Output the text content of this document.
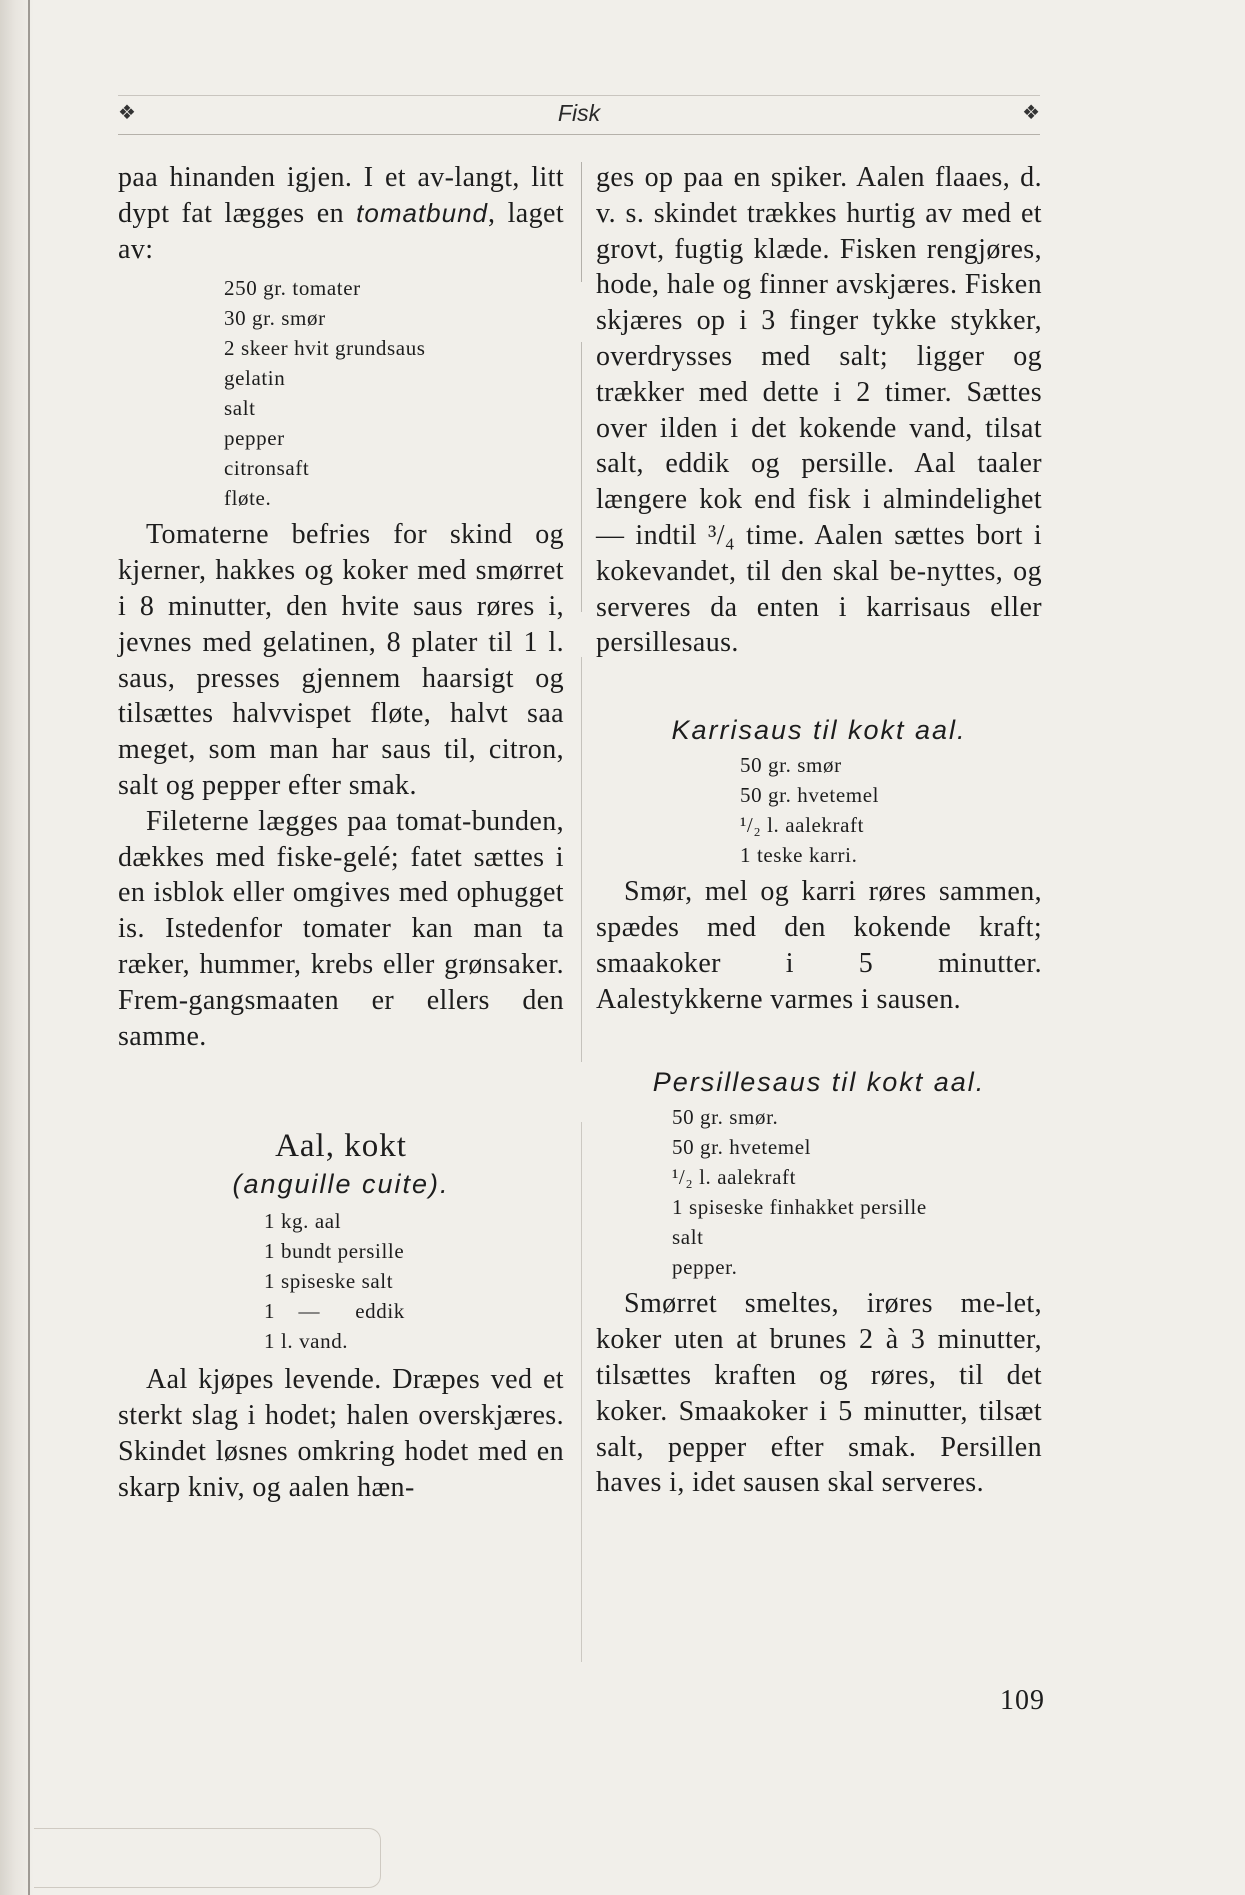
❖	Fisk	❖

paa hinanden igjen. I et av-langt, litt dypt fat lægges en tomatbund, laget av:

250 gr. tomater
30 gr. smør
2 skeer hvit grundsaus
gelatin
salt
pepper
citronsaft
fløte.

Tomaterne befries for skind og kjerner, hakkes og koker med smørret i 8 minutter, den hvite saus røres i, jevnes med gelatinen, 8 plater til 1 l. saus, presses gjennem haarsigt og tilsættes halvvispet fløte, halvt saa meget, som man har saus til, citron, salt og pepper efter smak.

Fileterne lægges paa tomat-bunden, dækkes med fiske-gelé; fatet sættes i en isblok eller omgives med ophugget is. Istedenfor tomater kan man ta ræker, hummer, krebs eller grønsaker. Frem-gangsmaaten er ellers den samme.

Aal, kokt
(anguille cuite).
1 kg. aal
1 bundt persille
1 spiseske salt
1    —      eddik
1 l. vand.

Aal kjøpes levende. Dræpes ved et sterkt slag i hodet; halen overskjæres. Skindet løsnes omkring hodet med en skarp kniv, og aalen hæn-

ges op paa en spiker. Aalen flaaes, d. v. s. skindet trækkes hurtig av med et grovt, fugtig klæde. Fisken rengjøres, hode, hale og finner avskjæres. Fisken skjæres op i 3 finger tykke stykker, overdrysses med salt; ligger og trækker med dette i 2 timer. Sættes over ilden i det kokende vand, tilsat salt, eddik og persille. Aal taaler længere kok end fisk i almindelighet — indtil ³/₄ time. Aalen sættes bort i kokevandet, til den skal be-nyttes, og serveres da enten i karrisaus eller persillesaus.

Karrisaus til kokt aal.
50 gr. smør
50 gr. hvetemel
¹/₂ l. aalekraft
1 teske karri.

Smør, mel og karri røres sammen, spædes med den kokende kraft; smaakoker i 5 minutter. Aalestykkerne varmes i sausen.

Persillesaus til kokt aal.
50 gr. smør.
50 gr. hvetemel
¹/₂ l. aalekraft
1 spiseske finhakket persille
salt
pepper.

Smørret smeltes, irøres me-let, koker uten at brunes 2 à 3 minutter, tilsættes kraften og røres, til det koker. Smaakoker i 5 minutter, tilsæt salt, pepper efter smak. Persillen haves i, idet sausen skal serveres.

109
